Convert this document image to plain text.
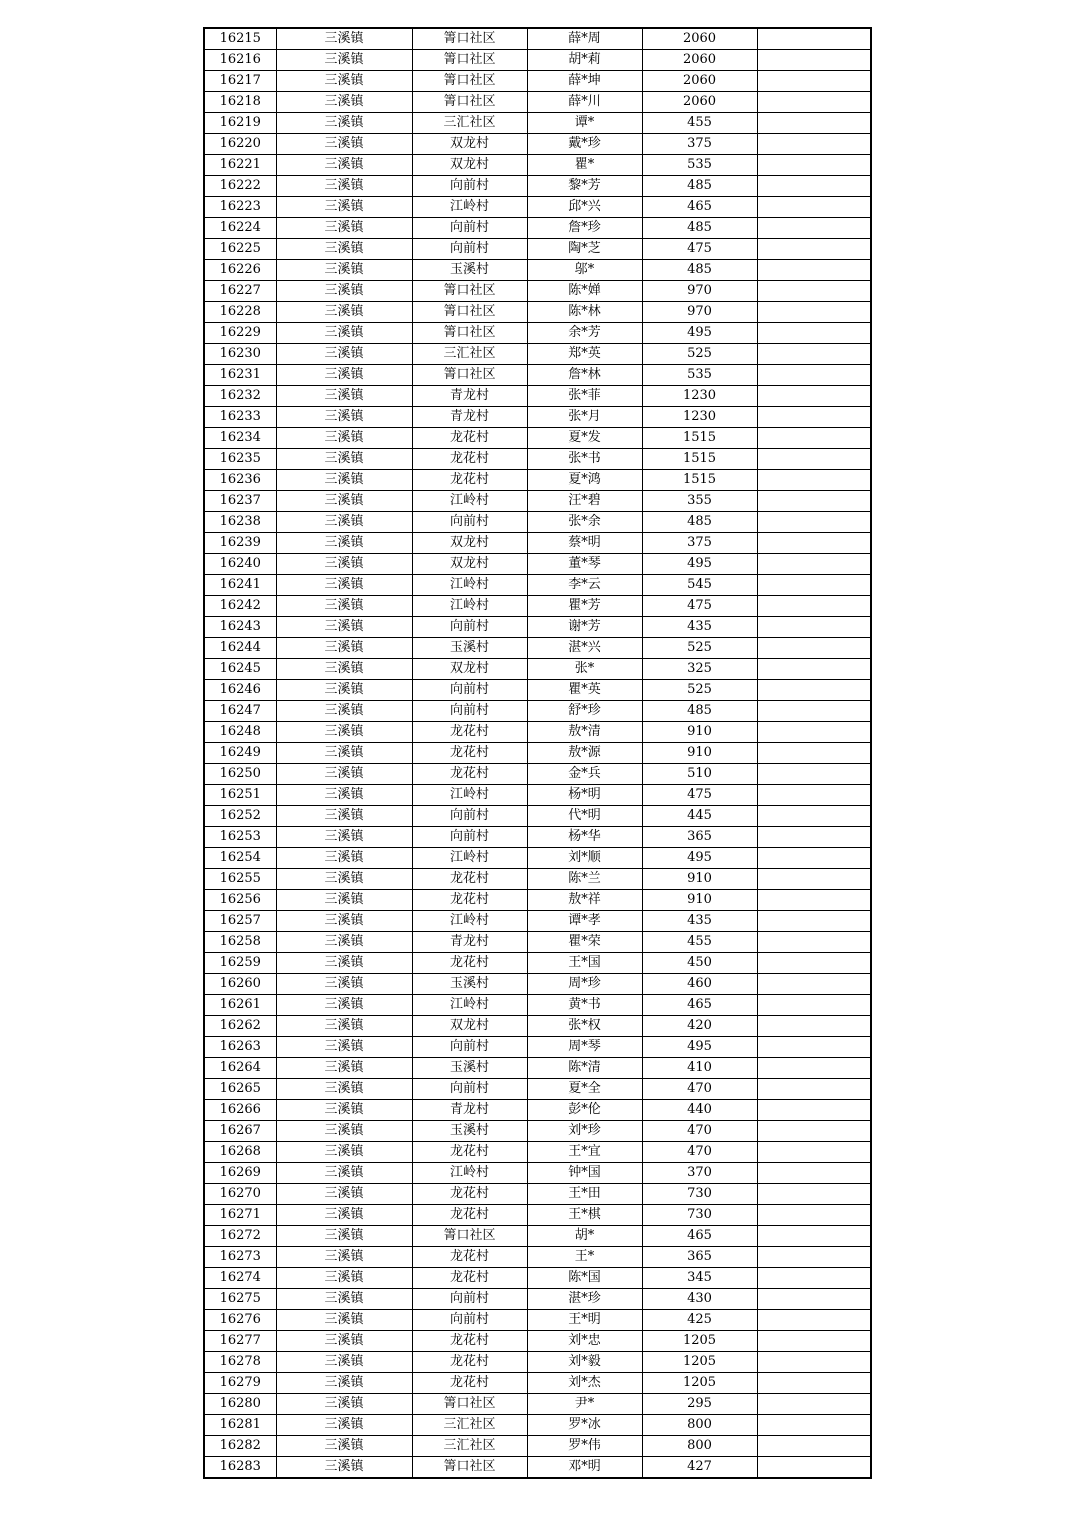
16215	三溪镇	箐口社区	薛*周	2060	
16216	三溪镇	箐口社区	胡*莉	2060	
16217	三溪镇	箐口社区	薛*坤	2060	
16218	三溪镇	箐口社区	薛*川	2060	
16219	三溪镇	三汇社区	谭*	455	
16220	三溪镇	双龙村	戴*珍	375	
16221	三溪镇	双龙村	瞿*	535	
16222	三溪镇	向前村	黎*芳	485	
16223	三溪镇	江岭村	邱*兴	465	
16224	三溪镇	向前村	詹*珍	485	
16225	三溪镇	向前村	陶*芝	475	
16226	三溪镇	玉溪村	邬*	485	
16227	三溪镇	箐口社区	陈*婵	970	
16228	三溪镇	箐口社区	陈*林	970	
16229	三溪镇	箐口社区	余*芳	495	
16230	三溪镇	三汇社区	郑*英	525	
16231	三溪镇	箐口社区	詹*林	535	
16232	三溪镇	青龙村	张*菲	1230	
16233	三溪镇	青龙村	张*月	1230	
16234	三溪镇	龙花村	夏*发	1515	
16235	三溪镇	龙花村	张*书	1515	
16236	三溪镇	龙花村	夏*鸿	1515	
16237	三溪镇	江岭村	汪*碧	355	
16238	三溪镇	向前村	张*余	485	
16239	三溪镇	双龙村	蔡*明	375	
16240	三溪镇	双龙村	董*琴	495	
16241	三溪镇	江岭村	李*云	545	
16242	三溪镇	江岭村	瞿*芳	475	
16243	三溪镇	向前村	谢*芳	435	
16244	三溪镇	玉溪村	湛*兴	525	
16245	三溪镇	双龙村	张*	325	
16246	三溪镇	向前村	瞿*英	525	
16247	三溪镇	向前村	舒*珍	485	
16248	三溪镇	龙花村	敖*清	910	
16249	三溪镇	龙花村	敖*源	910	
16250	三溪镇	龙花村	金*兵	510	
16251	三溪镇	江岭村	杨*明	475	
16252	三溪镇	向前村	代*明	445	
16253	三溪镇	向前村	杨*华	365	
16254	三溪镇	江岭村	刘*顺	495	
16255	三溪镇	龙花村	陈*兰	910	
16256	三溪镇	龙花村	敖*祥	910	
16257	三溪镇	江岭村	谭*孝	435	
16258	三溪镇	青龙村	瞿*荣	455	
16259	三溪镇	龙花村	王*国	450	
16260	三溪镇	玉溪村	周*珍	460	
16261	三溪镇	江岭村	黄*书	465	
16262	三溪镇	双龙村	张*权	420	
16263	三溪镇	向前村	周*琴	495	
16264	三溪镇	玉溪村	陈*清	410	
16265	三溪镇	向前村	夏*全	470	
16266	三溪镇	青龙村	彭*伦	440	
16267	三溪镇	玉溪村	刘*珍	470	
16268	三溪镇	龙花村	王*宜	470	
16269	三溪镇	江岭村	钟*国	370	
16270	三溪镇	龙花村	王*田	730	
16271	三溪镇	龙花村	王*棋	730	
16272	三溪镇	箐口社区	胡*	465	
16273	三溪镇	龙花村	王*	365	
16274	三溪镇	龙花村	陈*国	345	
16275	三溪镇	向前村	湛*珍	430	
16276	三溪镇	向前村	王*明	425	
16277	三溪镇	龙花村	刘*忠	1205	
16278	三溪镇	龙花村	刘*毅	1205	
16279	三溪镇	龙花村	刘*杰	1205	
16280	三溪镇	箐口社区	尹*	295	
16281	三溪镇	三汇社区	罗*冰	800	
16282	三溪镇	三汇社区	罗*伟	800	
16283	三溪镇	箐口社区	邓*明	427	
